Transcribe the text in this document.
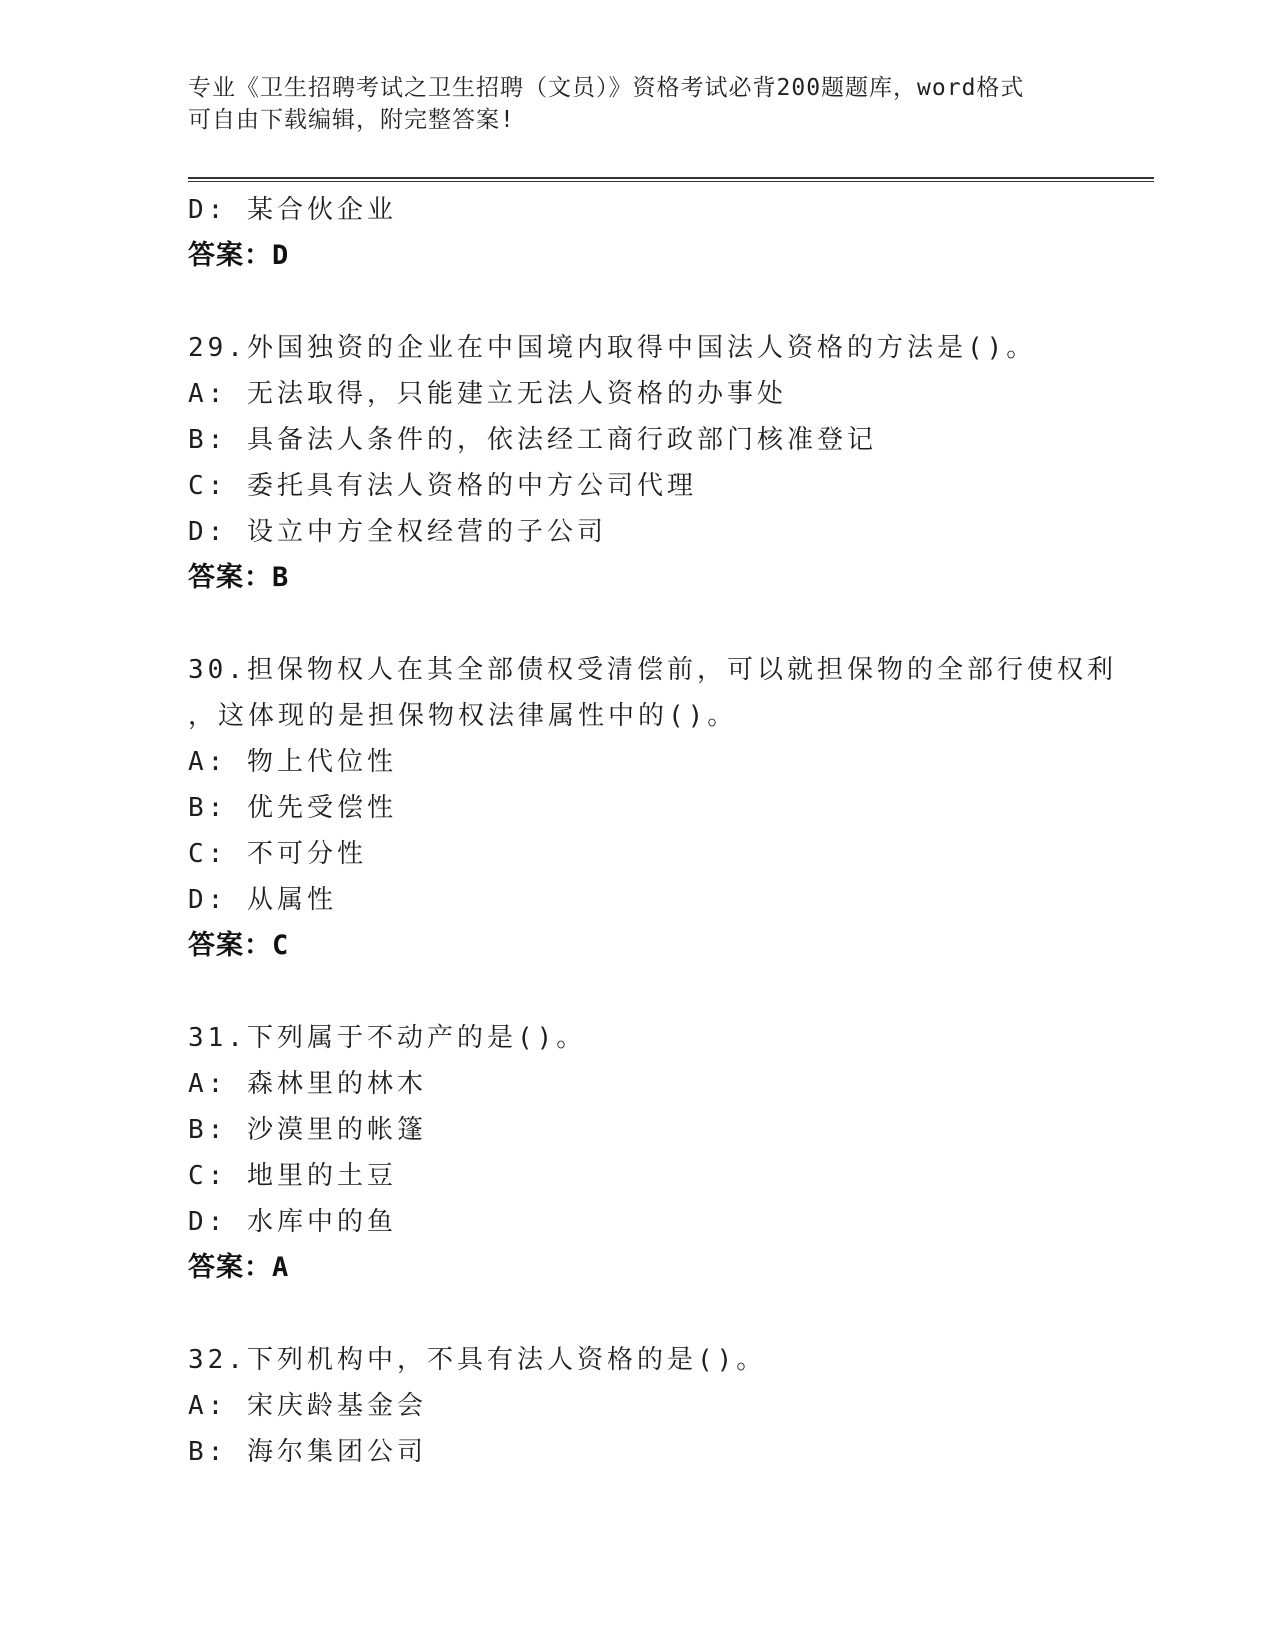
专业《卫生招聘考试之卫生招聘（文员）》资格考试必背200题题库，word格式
可自由下载编辑，附完整答案!
D: 某合伙企业
答案：D
29.外国独资的企业在中国境内取得中国法人资格的方法是()。
A: 无法取得，只能建立无法人资格的办事处
B: 具备法人条件的，依法经工商行政部门核准登记
C: 委托具有法人资格的中方公司代理
D: 设立中方全权经营的子公司
答案：B
30.担保物权人在其全部债权受清偿前，可以就担保物的全部行使权利
，这体现的是担保物权法律属性中的()。
A: 物上代位性
B: 优先受偿性
C: 不可分性
D: 从属性
答案：C
31.下列属于不动产的是()。
A: 森林里的林木
B: 沙漠里的帐篷
C: 地里的土豆
D: 水库中的鱼
答案：A
32.下列机构中，不具有法人资格的是()。
A: 宋庆龄基金会
B: 海尔集团公司
